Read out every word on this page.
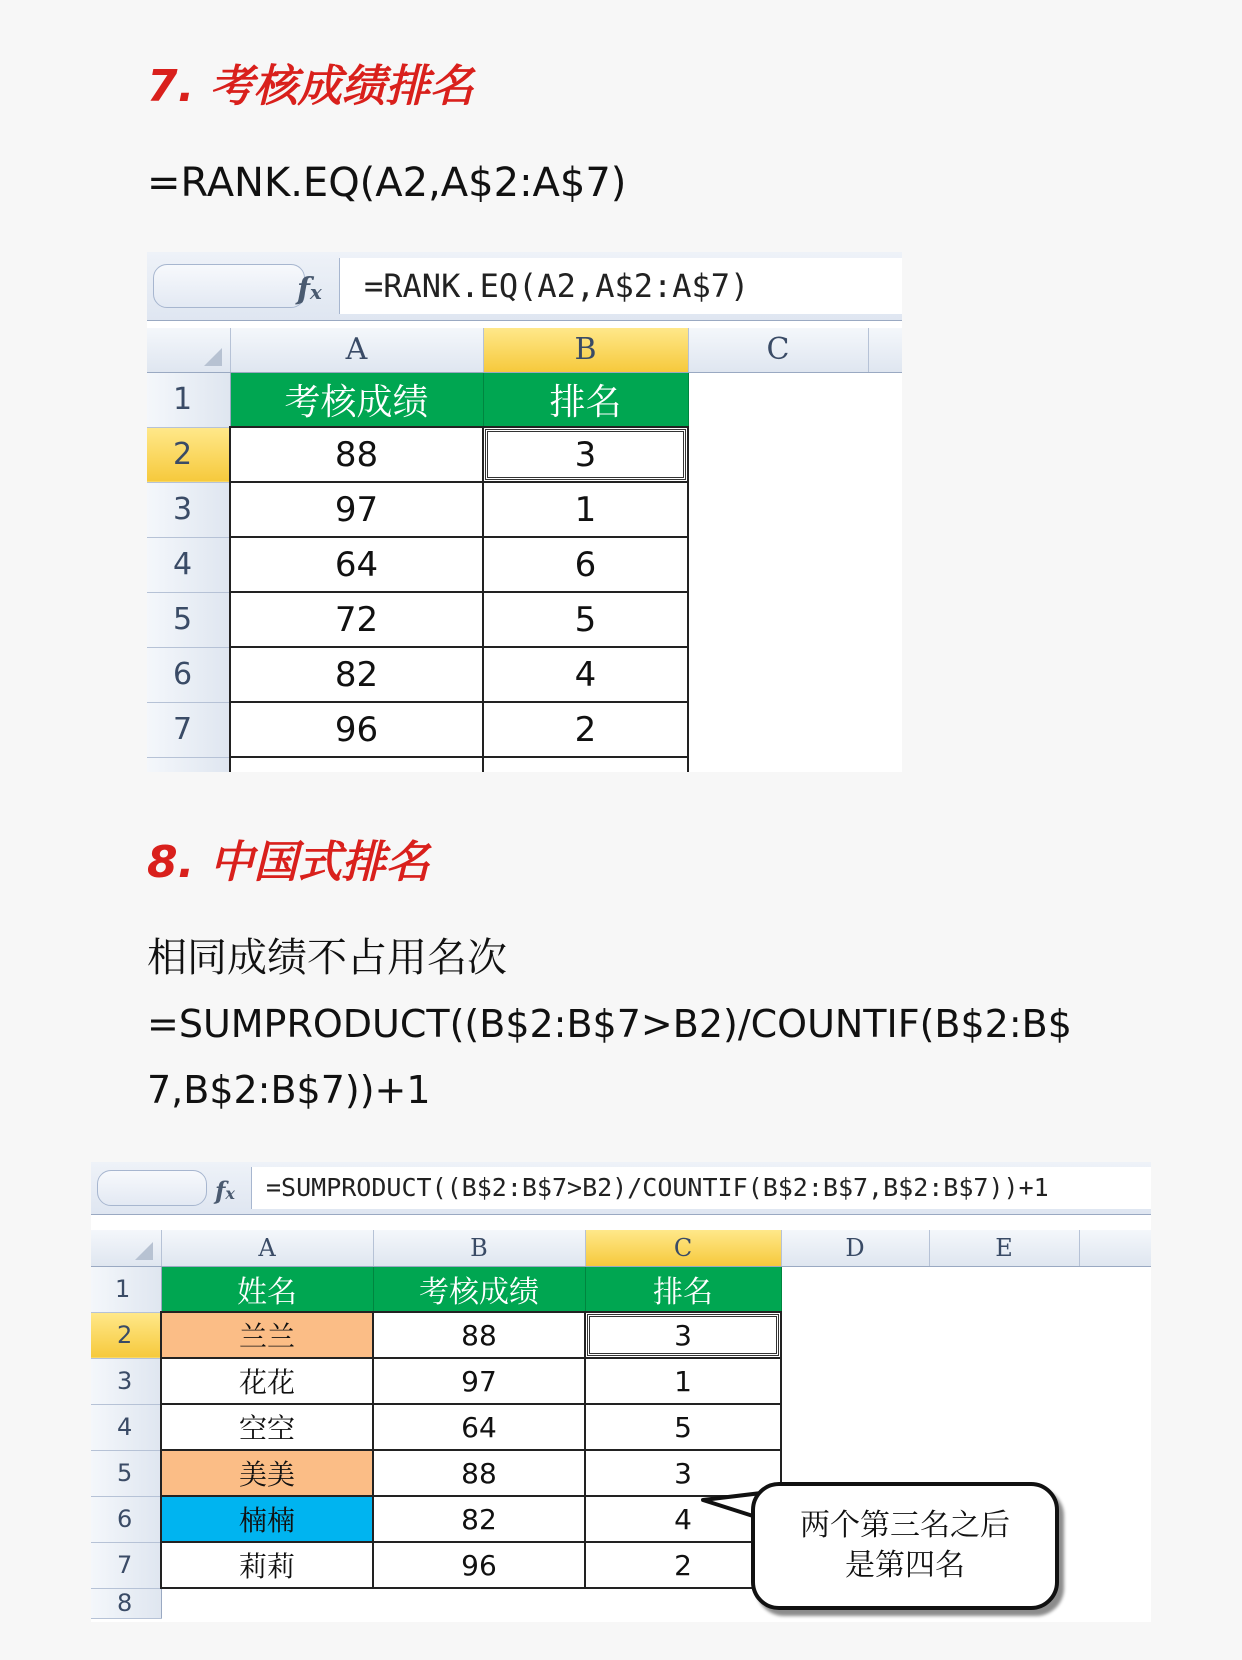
7. 考核成绩排名
=RANK.EQ(A2,A$2:A$7)
fx	=RANK.EQ(A2,A$2:A$7)
	A	B	C	
1	考核成绩	排名		
2	88	3		
3	97	1		
4	64	6		
5	72	5		
6	82	4		
7	96	2		

8. 中国式排名
相同成绩不占用名次
=SUMPRODUCT((B$2:B$7>B2)/COUNTIF(B$2:B$
7,B$2:B$7))+1
fx	=SUMPRODUCT((B$2:B$7>B2)/COUNTIF(B$2:B$7,B$2:B$7))+1
	A	B	C	D	E	
1	姓名	考核成绩	排名			
2	兰兰	88	3			
3	花花	97	1			
4	空空	64	5			
5	美美	88	3			
6	楠楠	82	4			
7	莉莉	96	2			
8						
两个第三名之后
是第四名
